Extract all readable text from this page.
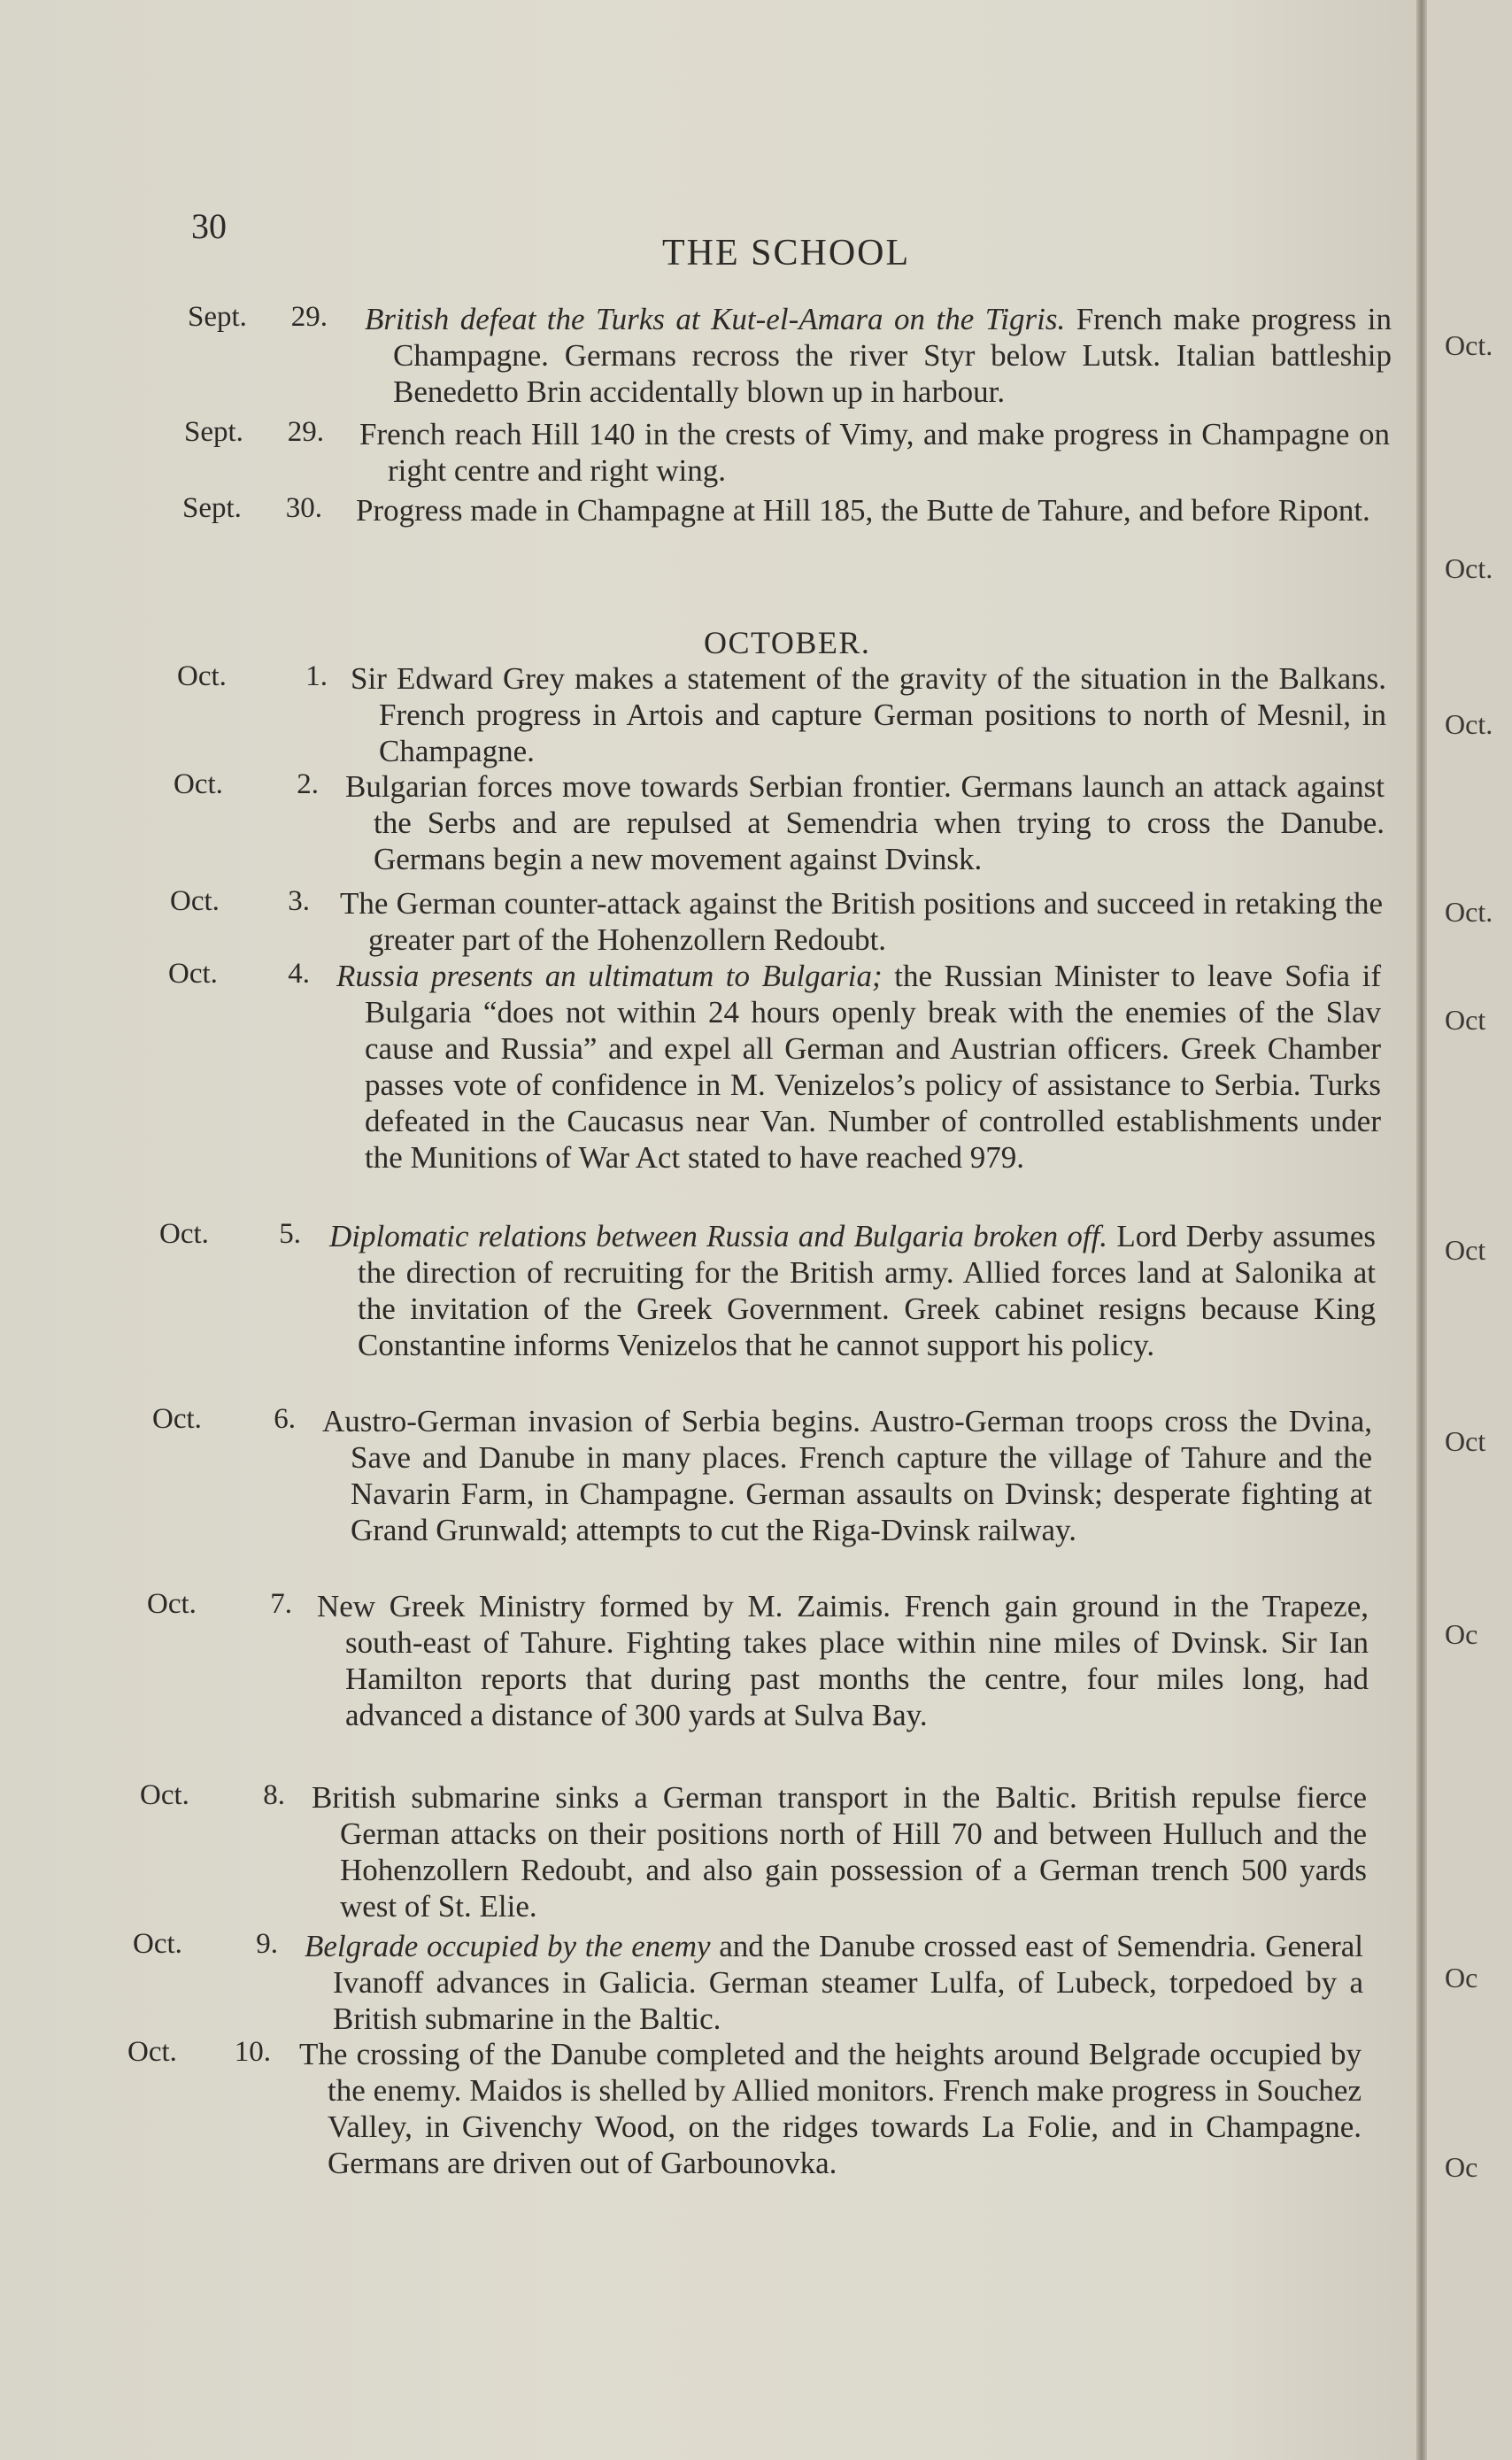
30
THE SCHOOL
Sept.	29. British defeat the Turks at Kut-el-Amara on the Tigris. French make progress in Champagne. Germans recross the river Styr below Lutsk. Italian battleship Benedetto Brin accidentally blown up in harbour.
Sept.	29. French reach Hill 140 in the crests of Vimy, and make progress in Champagne on right centre and right wing.
Sept.	30. Progress made in Champagne at Hill 185, the Butte de Tahure, and before Ripont.
Oct.	1. Sir Edward Grey makes a statement of the gravity of the situation in the Balkans. French progress in Artois and capture German positions to north of Mesnil, in Champagne.
Oct.	2. Bulgarian forces move towards Serbian frontier. Germans launch an attack against the Serbs and are repulsed at Semendria when trying to cross the Danube. Germans begin a new movement against Dvinsk.
Oct.	3. The German counter-attack against the British positions and succeed in retaking the greater part of the Hohenzollern Redoubt.
Oct.	4. Russia presents an ultimatum to Bulgaria; the Russian Minister to leave Sofia if Bulgaria “does not within 24 hours openly break with the enemies of the Slav cause and Russia” and expel all German and Austrian officers. Greek Chamber passes vote of confidence in M. Venizelos’s policy of assistance to Serbia. Turks defeated in the Caucasus near Van. Number of controlled establishments under the Munitions of War Act stated to have reached 979.
Oct.	5. Diplomatic relations between Russia and Bulgaria broken off. Lord Derby assumes the direction of recruiting for the British army. Allied forces land at Salonika at the invitation of the Greek Government. Greek cabinet resigns because King Constantine informs Venizelos that he cannot support his policy.
Oct.	6. Austro-German invasion of Serbia begins. Austro-German troops cross the Dvina, Save and Danube in many places. French capture the village of Tahure and the Navarin Farm, in Champagne. German assaults on Dvinsk; desperate fighting at Grand Grunwald; attempts to cut the Riga-Dvinsk railway.
Oct.	7. New Greek Ministry formed by M. Zaimis. French gain ground in the Trapeze, south-east of Tahure. Fighting takes place within nine miles of Dvinsk. Sir Ian Hamilton reports that during past months the centre, four miles long, had advanced a distance of 300 yards at Sulva Bay.
Oct.	8. British submarine sinks a German transport in the Baltic. British repulse fierce German attacks on their positions north of Hill 70 and between Hulluch and the Hohenzollern Redoubt, and also gain possession of a German trench 500 yards west of St. Elie.
Oct.	9. Belgrade occupied by the enemy and the Danube crossed east of Semendria. General Ivanoff advances in Galicia. German steamer Lulfa, of Lubeck, torpedoed by a British submarine in the Baltic.
Oct.	10. The crossing of the Danube completed and the heights around Belgrade occupied by the enemy. Maidos is shelled by Allied monitors. French make progress in Souchez Valley, in Givenchy Wood, on the ridges towards La Folie, and in Champagne. Germans are driven out of Garbounovka.
OCTOBER.
Oct.
Oct.
Oct.
Oct.
Oct
Oct
Oct
Oc
Oc
Oc
